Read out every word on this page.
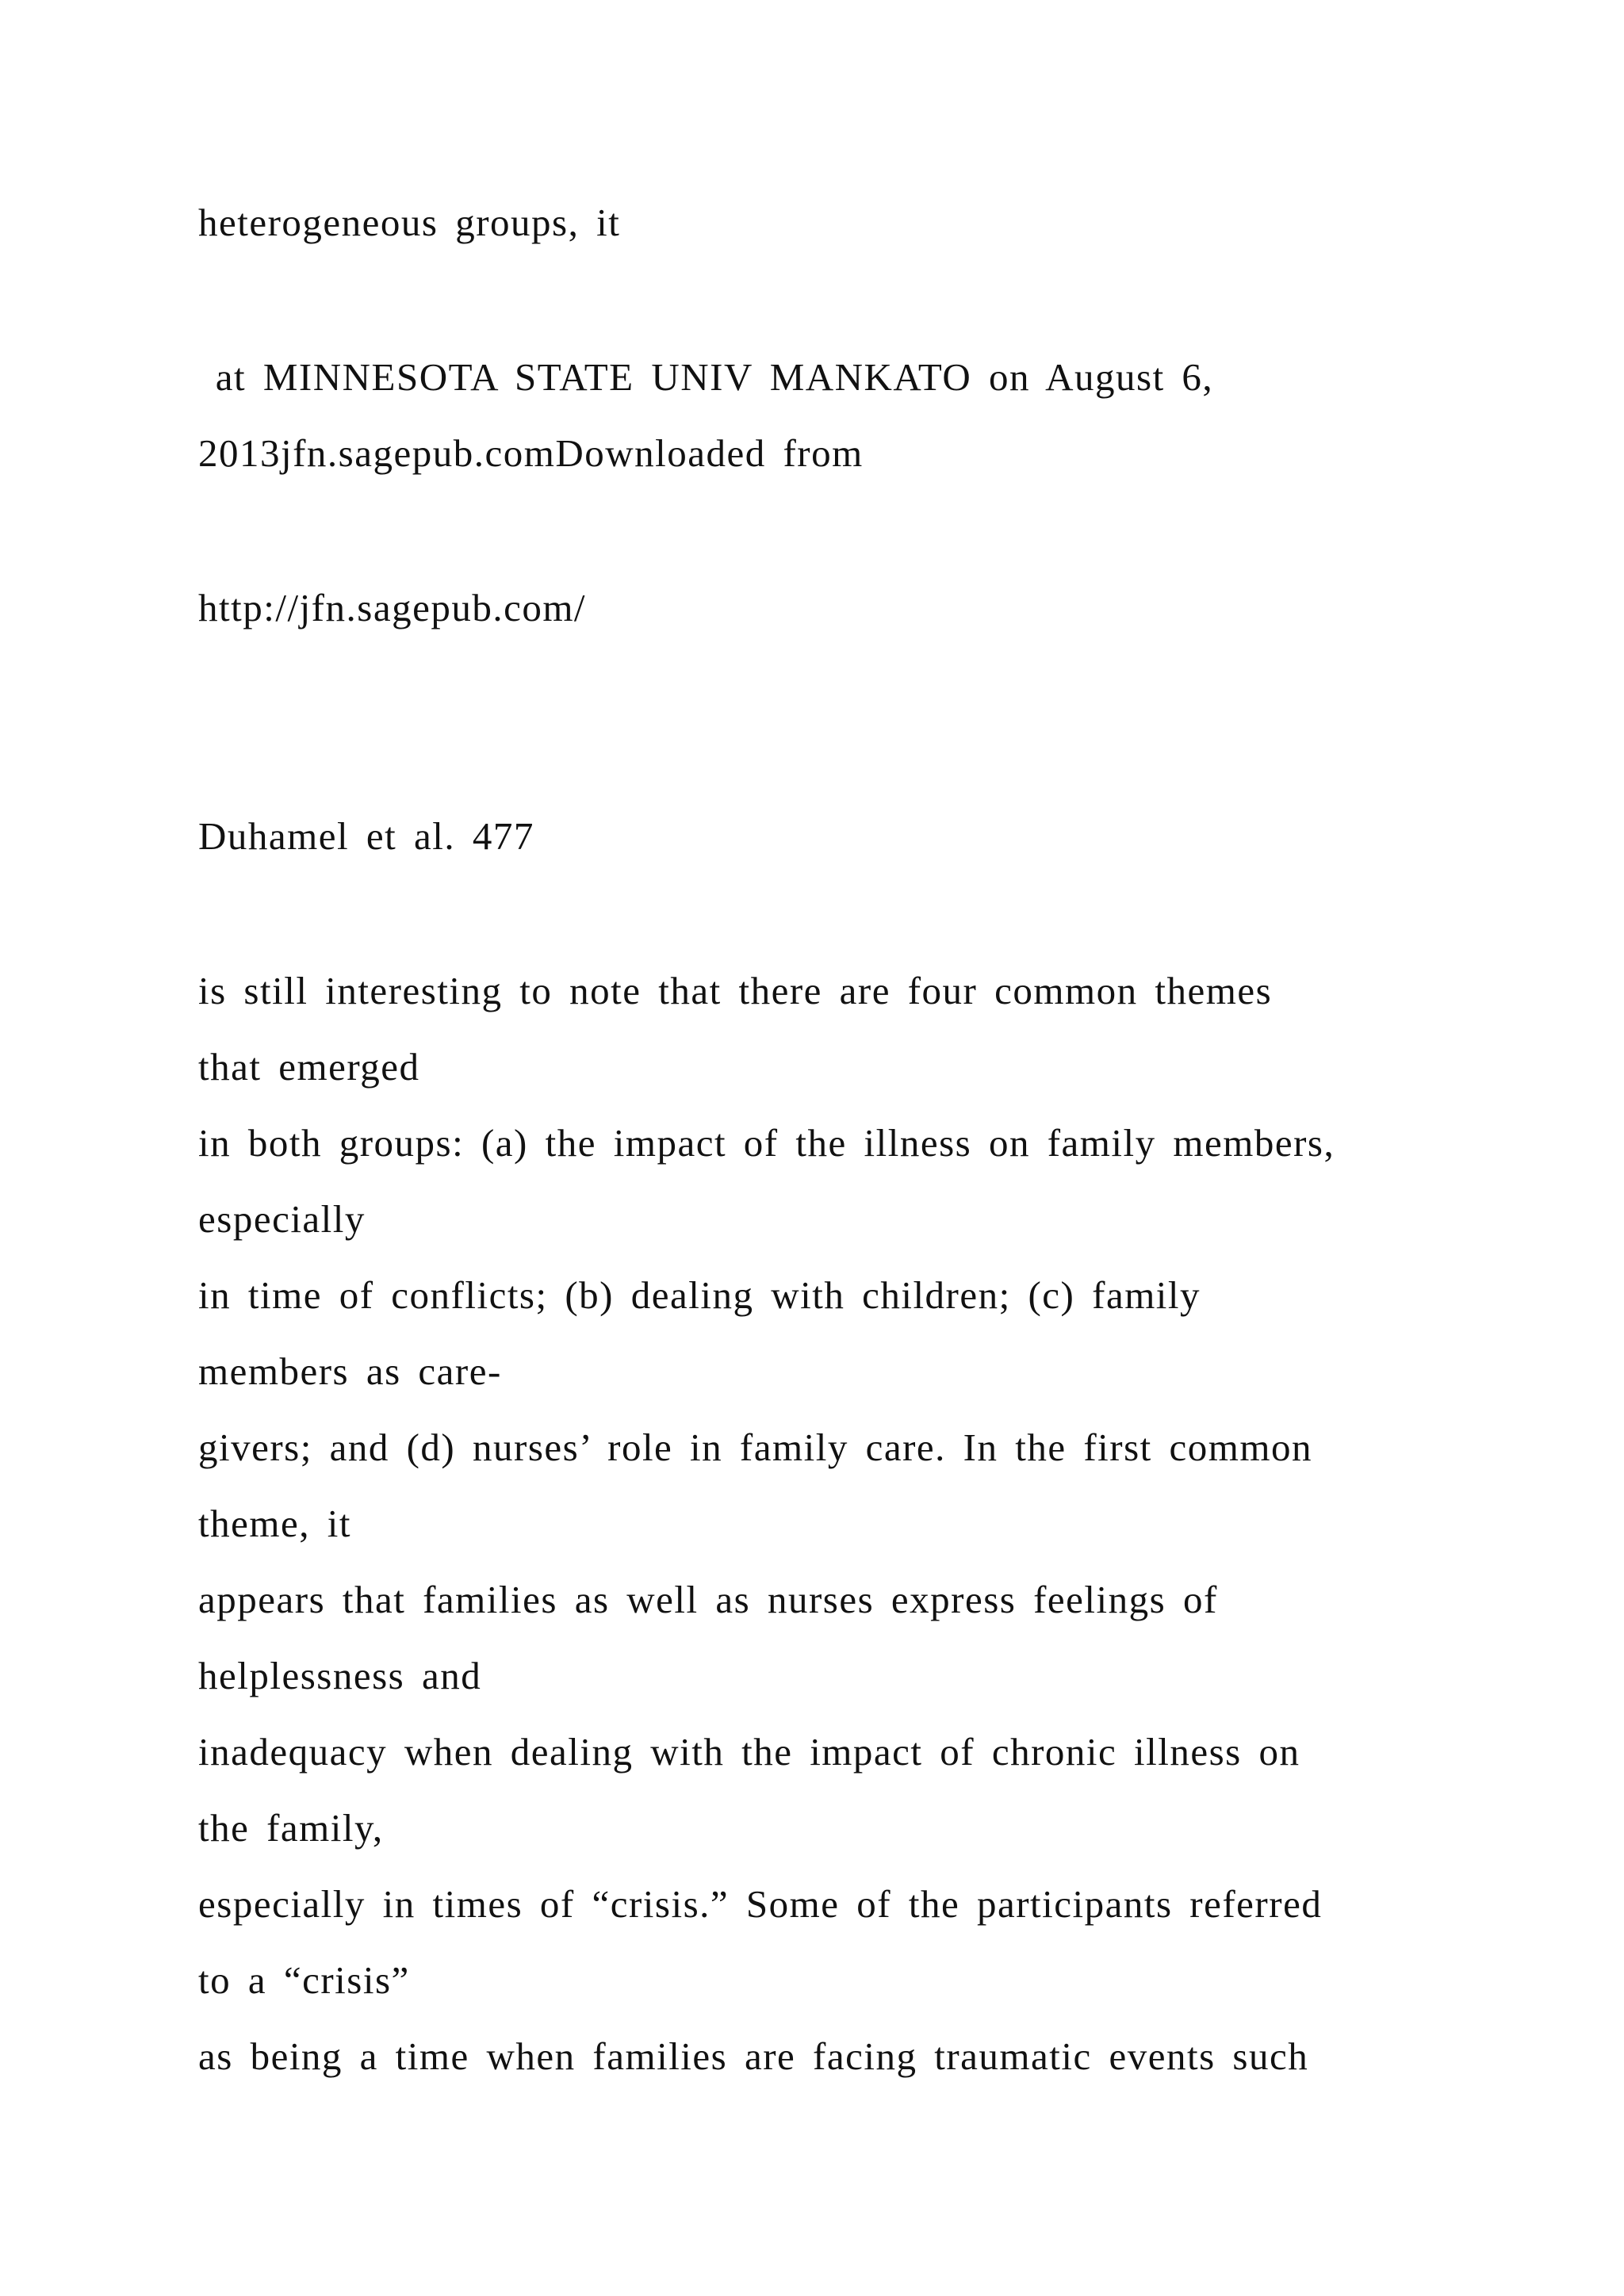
heterogeneous groups, it

at MINNESOTA STATE UNIV MANKATO on August 6,

2013jfn.sagepub.comDownloaded from

http://jfn.sagepub.com/

Duhamel et al. 477

is still interesting to note that there are four common themes

that emerged

in both groups: (a) the impact of the illness on family members,

especially

in time of conflicts; (b) dealing with children; (c) family

members as care-

givers; and (d) nurses’ role in family care. In the first common

theme, it

appears that families as well as nurses express feelings of

helplessness and

inadequacy when dealing with the impact of chronic illness on

the family,

especially in times of “crisis.” Some of the participants referred

to a “crisis”

as being a time when families are facing traumatic events such
